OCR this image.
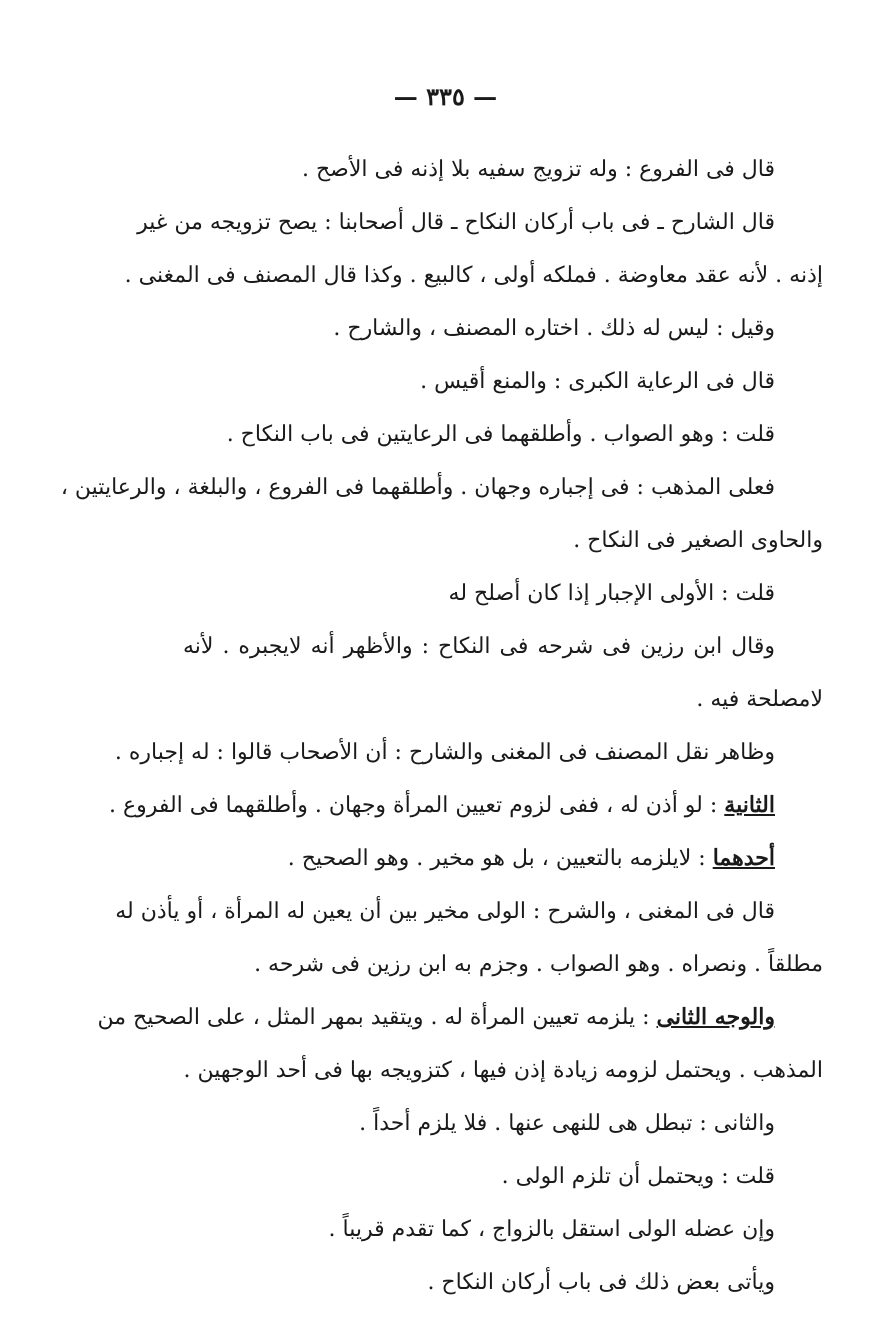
— ٣٣٥ —
قال فى الفروع : وله تزويج سفيه بلا إذنه فى الأصح .
قال الشارح ـ فى باب أركان النكاح ـ قال أصحابنا : يصح تزويجه من غير
إذنه . لأنه عقد معاوضة . فملكه أولى ، كالبيع . وكذا قال المصنف فى المغنى .
وقيل : ليس له ذلك . اختاره المصنف ، والشارح .
قال فى الرعاية الكبرى : والمنع أقيس .
قلت : وهو الصواب . وأطلقهما فى الرعايتين فى باب النكاح .
فعلى المذهب : فى إجباره وجهان . وأطلقهما فى الفروع ، والبلغة ، والرعايتين ،
والحاوى الصغير فى النكاح .
قلت : الأولى الإجبار إذا كان أصلح له
وقال ابن رزين فى شرحه فى النكاح : والأظهر أنه لايجبره . لأنه
لامصلحة فيه .
وظاهر نقل المصنف فى المغنى والشارح : أن الأصحاب قالوا : له إجباره .
الثانية : لو أذن له ، ففى لزوم تعيين المرأة وجهان . وأطلقهما فى الفروع .
أحدهما : لايلزمه بالتعيين ، بل هو مخير . وهو الصحيح .
قال فى المغنى ، والشرح : الولى مخير بين أن يعين له المرأة ، أو يأذن له
مطلقاً . ونصراه . وهو الصواب . وجزم به ابن رزين فى شرحه .
والوجه الثانى : يلزمه تعيين المرأة له . ويتقيد بمهر المثل ، على الصحيح من
المذهب . ويحتمل لزومه زيادة إذن فيها ، كتزويجه بها فى أحد الوجهين .
والثانى : تبطل هى للنهى عنها . فلا يلزم أحداً .
قلت : ويحتمل أن تلزم الولى .
وإن عضله الولى استقل بالزواج ، كما تقدم قريباً .
ويأتى بعض ذلك فى باب أركان النكاح .
